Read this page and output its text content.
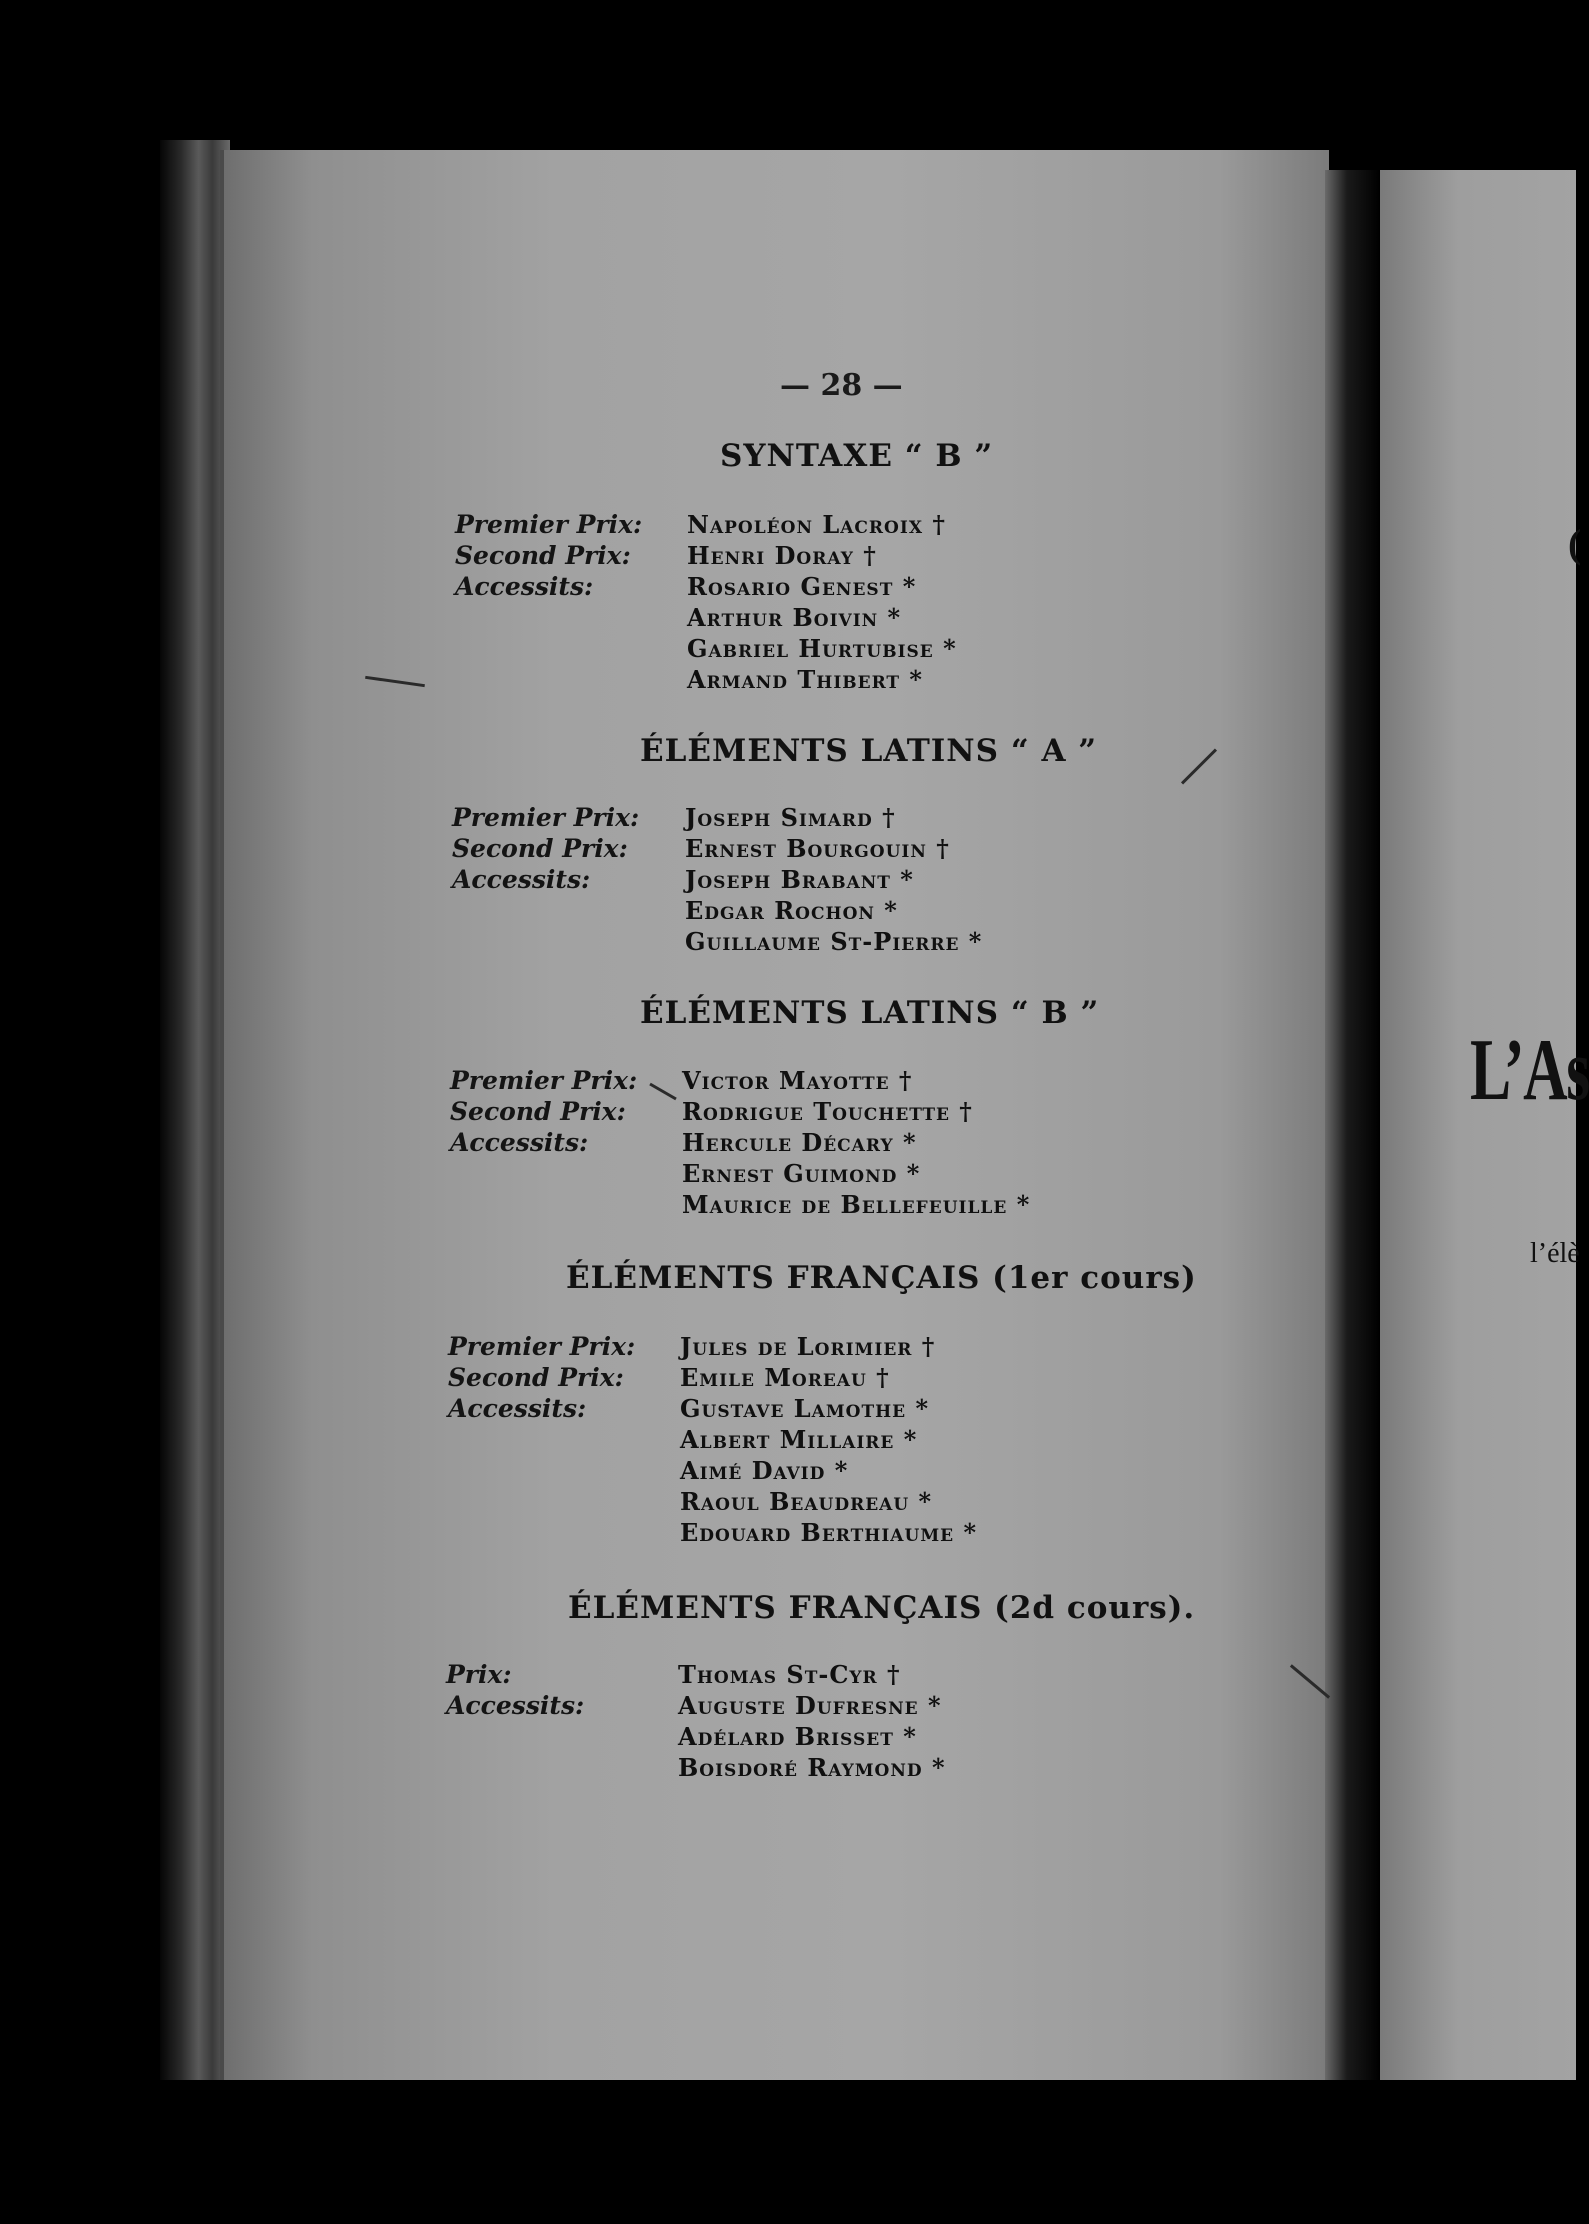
— 28 —
SYNTAXE “ B ”
Premier Prix: Napoléon Lacroix †
Second Prix: Henri Doray †
Accessits:	Rosario Genest *
Arthur Boivin *
Gabriel Hurtubise *
Armand Thibert *
ÉLÉMENTS LATINS “ A ”
Premier Prix: Joseph Simard †
Second Prix: Ernest Bourgouin †
Accessits:	Joseph Brabant *
Edgar Rochon *
Guillaume St-Pierre *
ÉLÉMENTS LATINS “ B ”
Premier Prix: Victor Mayotte †
Second Prix: Rodrigue Touchette †
Accessits:	Hercule Décary *
Ernest Guimond *
Maurice de Bellefeuille *
ÉLÉMENTS FRANÇAIS (1er cours)
Premier Prix: Jules de Lorimier †
Second Prix: Emile Moreau †
Accessits:	Gustave Lamothe *
Albert Millaire *
Aimé David *
Raoul Beaudreau *
Edouard Berthiaume *
ÉLÉMENTS FRANÇAIS (2d cours).
Prix:	Thomas St-Cyr †
Accessits:	Auguste Dufresne *
Adélard Brisset *
Boisdoré Raymond *
(
L’As
l’élè
